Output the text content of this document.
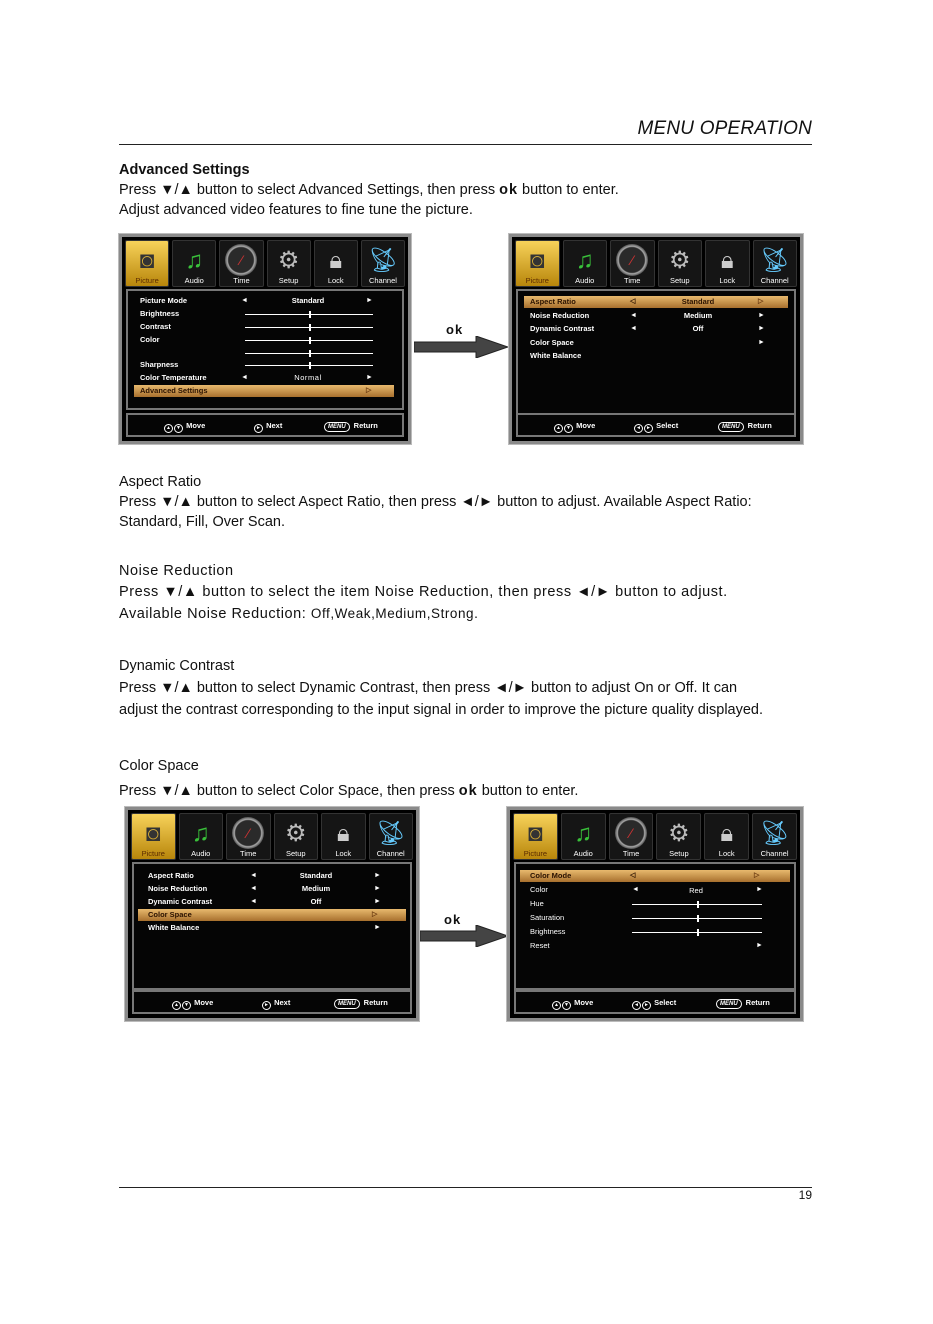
MENU OPERATION
Advanced Settings
Press ▼/▲ button to select Advanced Settings, then press ok button to enter.
Adjust advanced video features to fine tune the picture.
◙
Picture
♫
Audio
⁄
Time
⚙
Setup
🔒︎
Lock
📡︎
Channel
Picture Mode	◄	Standard	►
Brightness
Contrast
Color
Sharpness
Color Temperature	◄	Normal	►
Advanced Settings	▷
▲ ▼ Move	► Next	MENU Return
ok
◙
Picture
♫
Audio
⁄
Time
⚙
Setup
🔒︎
Lock
📡︎
Channel
Aspect Ratio	◁	Standard	▷
Noise Reduction	◄	Medium	►
Dynamic Contrast	◄	Off	►
Color Space	►
White Balance
▲ ▼ Move	◄ ► Select	MENU Return
Aspect Ratio
Press ▼/▲ button to select Aspect Ratio, then press ◄/► button to adjust. Available Aspect Ratio:
Standard, Fill, Over Scan.
Noise Reduction
Press ▼/▲ button to select the item Noise Reduction, then press ◄/► button to adjust.
Available Noise Reduction: Off,Weak,Medium,Strong.
Dynamic Contrast
Press ▼/▲ button to select Dynamic Contrast, then press ◄/► button to adjust On or Off. It can
adjust the contrast corresponding to the input signal in order to improve the picture quality displayed.
Color Space
Press ▼/▲ button to select Color Space, then press ok button to enter.
◙
Picture
♫
Audio
⁄
Time
⚙
Setup
🔒︎
Lock
📡︎
Channel
Aspect Ratio	◄	Standard	►
Noise Reduction	◄	Medium	►
Dynamic Contrast	◄	Off	►
Color Space	▷
White Balance	►
▲ ▼ Move	► Next	MENU Return
ok
◙
Picture
♫
Audio
⁄
Time
⚙
Setup
🔒︎
Lock
📡︎
Channel
Color Mode	◁	▷
Color	◄	Red	►
Hue
Saturation
Brightness
Reset	►
▲ ▼ Move	◄ ► Select	MENU Return
19
